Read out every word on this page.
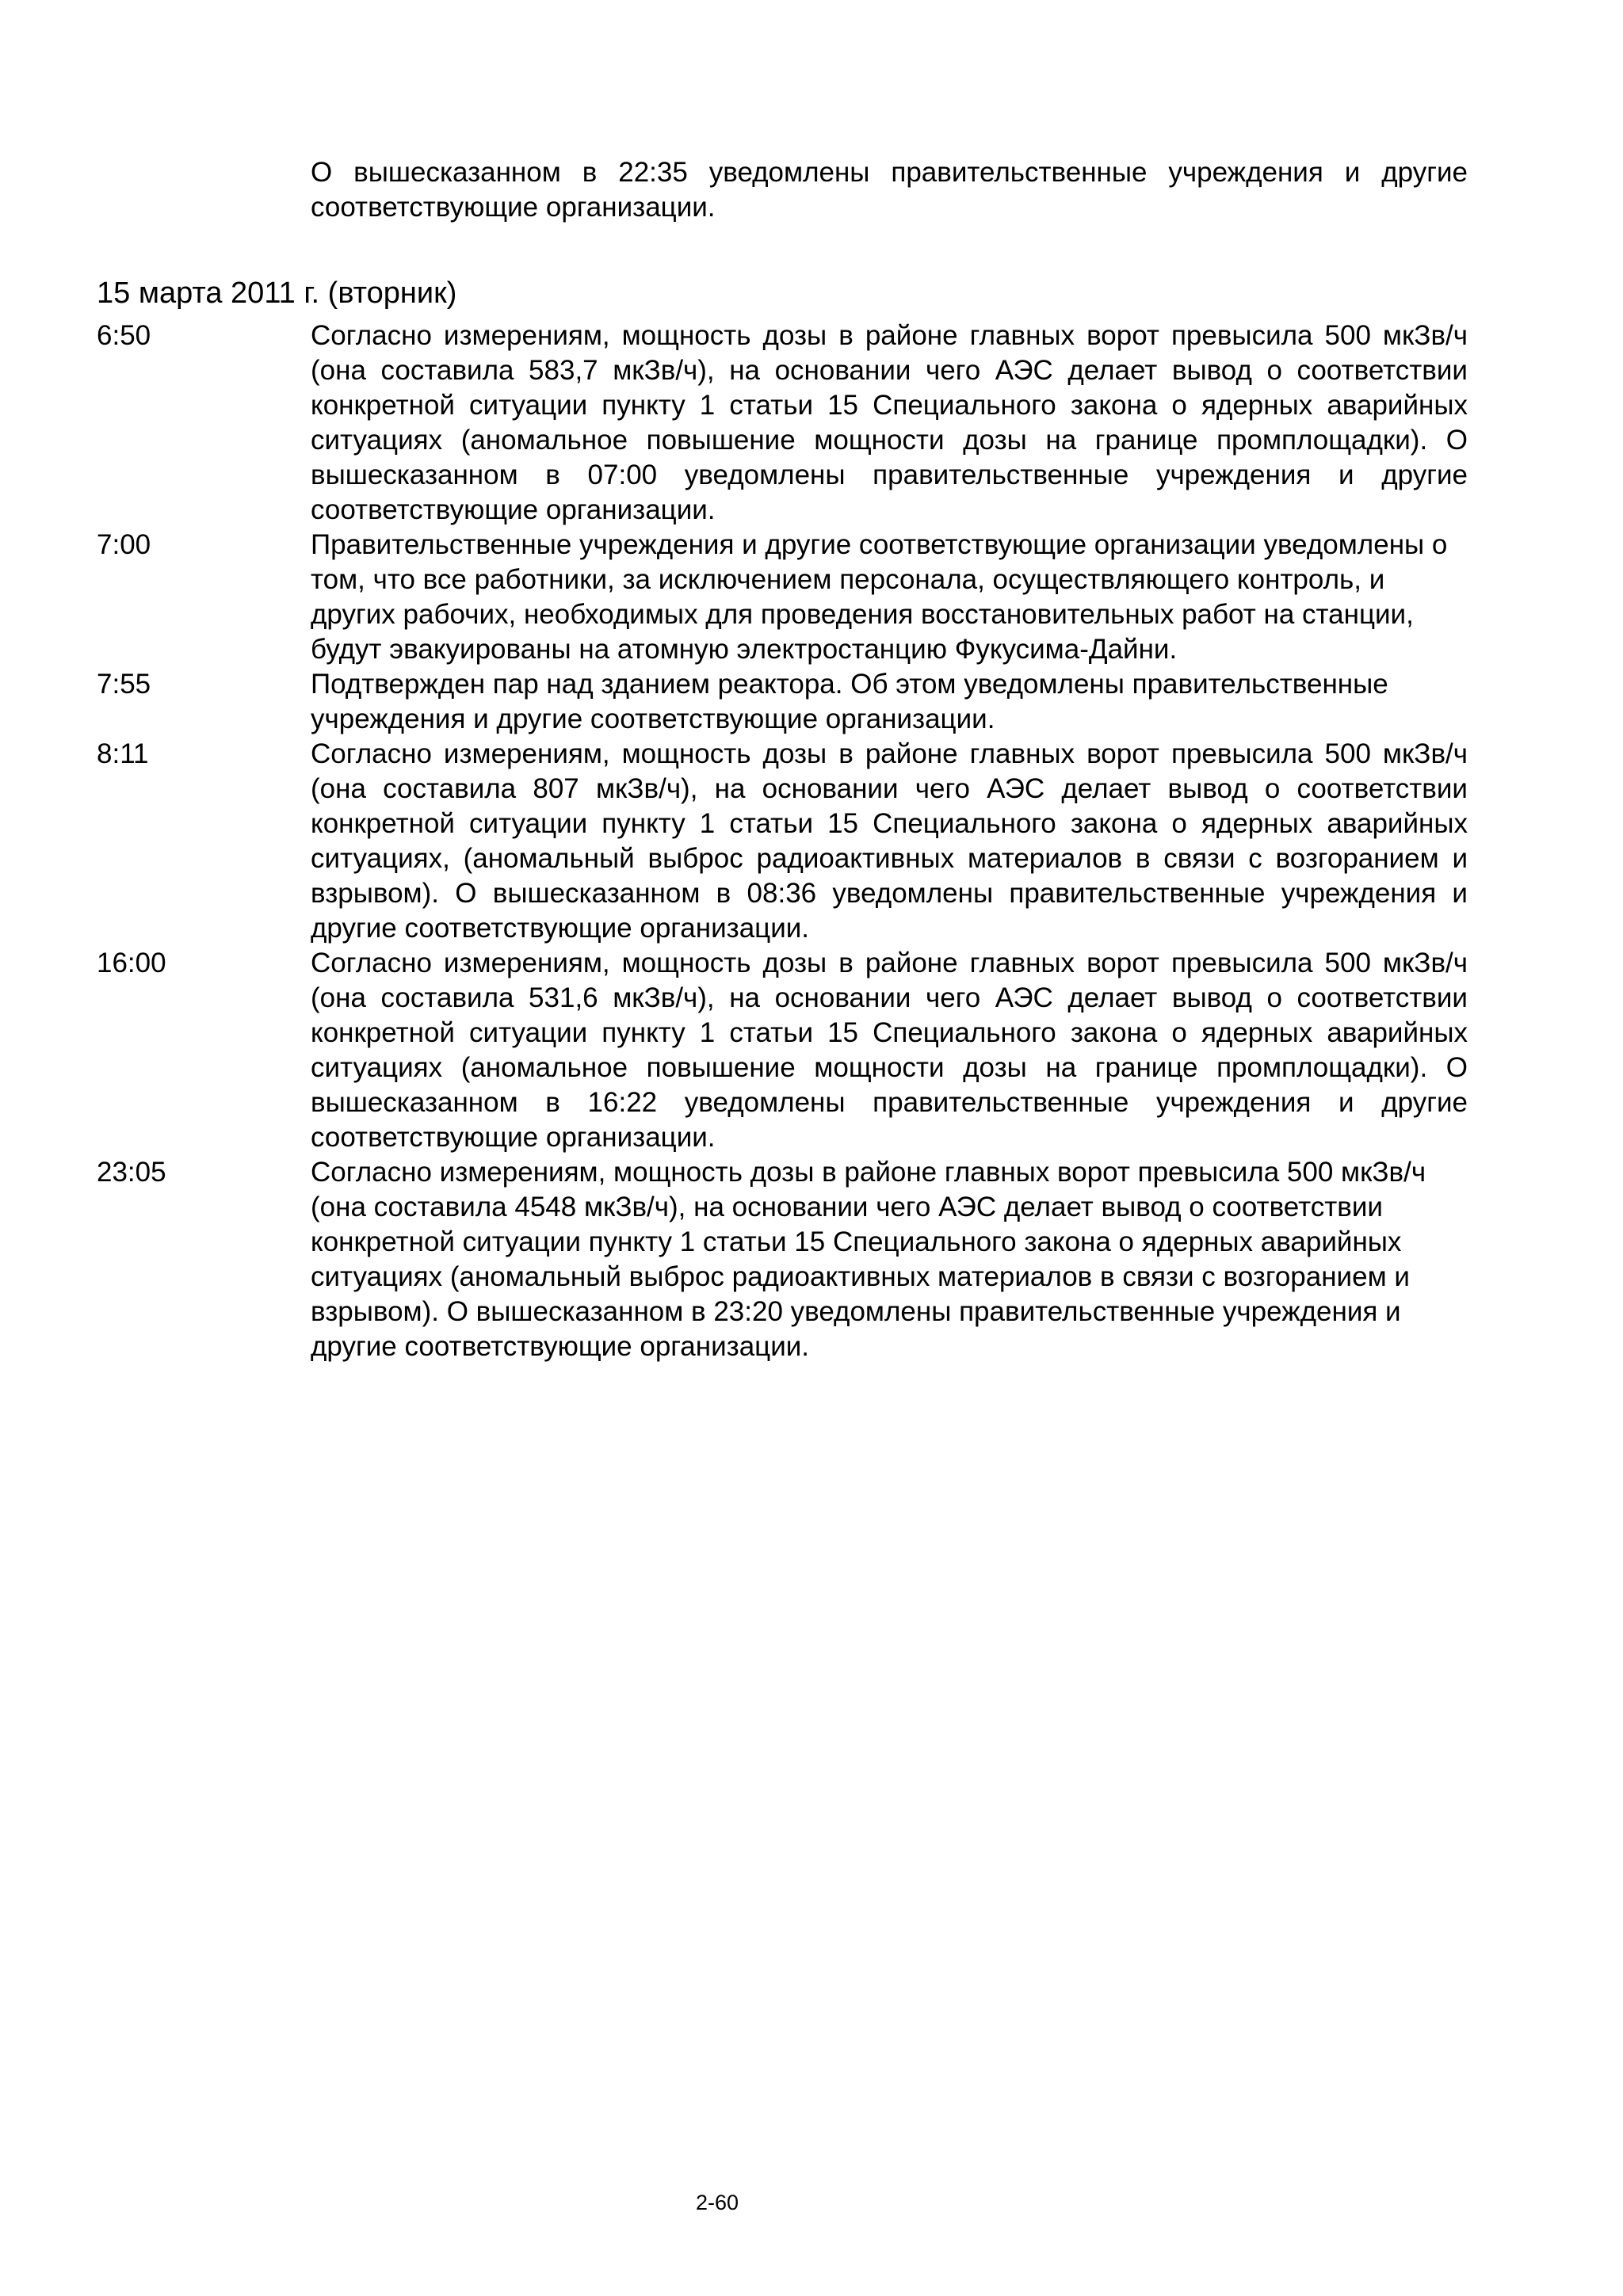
О вышесказанном в 22:35 уведомлены правительственные учреждения и другие соответствующие организации.
15 марта 2011 г. (вторник)
6:50	Согласно измерениям, мощность дозы в районе главных ворот превысила 500 мкЗв/ч (она составила 583,7 мкЗв/ч), на основании чего АЭС делает вывод о соответствии конкретной ситуации пункту 1 статьи 15 Специального закона о ядерных аварийных ситуациях (аномальное повышение мощности дозы на границе промплощадки). О вышесказанном в 07:00 уведомлены правительственные учреждения и другие соответствующие организации.
7:00	Правительственные учреждения и другие соответствующие организации уведомлены о том, что все работники, за исключением персонала, осуществляющего контроль, и других рабочих, необходимых для проведения восстановительных работ на станции, будут эвакуированы на атомную электростанцию Фукусима-Дайни.
7:55	Подтвержден пар над зданием реактора. Об этом уведомлены правительственные учреждения и другие соответствующие организации.
8:11	Согласно измерениям, мощность дозы в районе главных ворот превысила 500 мкЗв/ч (она составила 807 мкЗв/ч), на основании чего АЭС делает вывод о соответствии конкретной ситуации пункту 1 статьи 15 Специального закона о ядерных аварийных ситуациях, (аномальный выброс радиоактивных материалов в связи с возгоранием и взрывом). О вышесказанном в 08:36 уведомлены правительственные учреждения и другие соответствующие организации.
16:00	Согласно измерениям, мощность дозы в районе главных ворот превысила 500 мкЗв/ч (она составила 531,6 мкЗв/ч), на основании чего АЭС делает вывод о соответствии конкретной ситуации пункту 1 статьи 15 Специального закона о ядерных аварийных ситуациях (аномальное повышение мощности дозы на границе промплощадки). О вышесказанном в 16:22 уведомлены правительственные учреждения и другие соответствующие организации.
23:05	Согласно измерениям, мощность дозы в районе главных ворот превысила 500 мкЗв/ч (она составила 4548 мкЗв/ч), на основании чего АЭС делает вывод о соответствии конкретной ситуации пункту 1 статьи 15 Специального закона о ядерных аварийных ситуациях (аномальный выброс радиоактивных материалов в связи с возгоранием и взрывом). О вышесказанном в 23:20 уведомлены правительственные учреждения и другие соответствующие организации.
2-60
